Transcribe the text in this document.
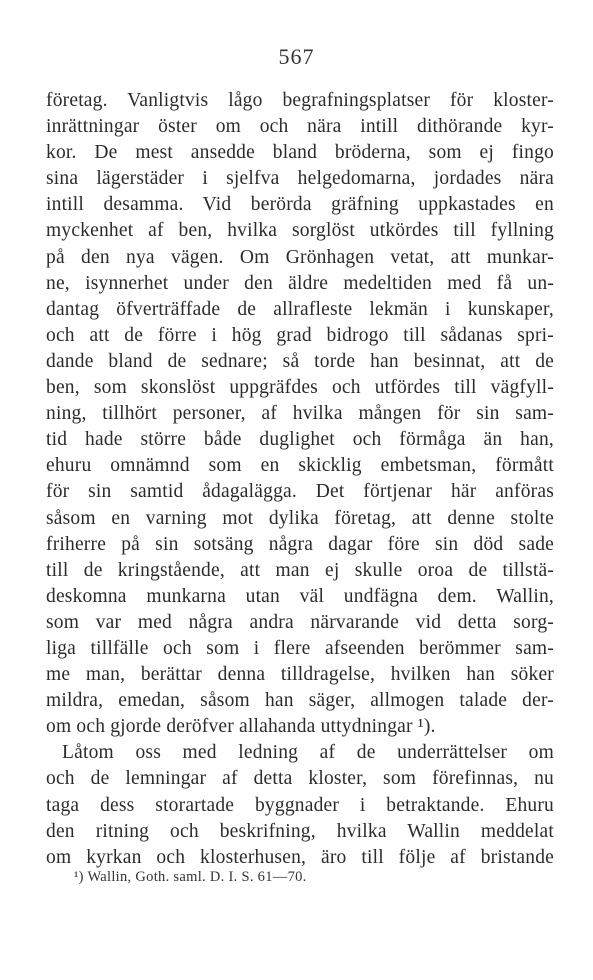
567
företag. Vanligtvis lågo begrafningsplatser för kloster-
inrättningar öster om och nära intill dithörande kyr-
kor. De mest ansedde bland bröderna, som ej fingo
sina lägerstäder i sjelfva helgedomarna, jordades nära
intill desamma. Vid berörda gräfning uppkastades en
myckenhet af ben, hvilka sorglöst utkördes till fyllning
på den nya vägen. Om Grönhagen vetat, att munkar-
ne, isynnerhet under den äldre medeltiden med få un-
dantag öfverträffade de allrafleste lekmän i kunskaper,
och att de förre i hög grad bidrogo till sådanas spri-
dande bland de sednare; så torde han besinnat, att de
ben, som skonslöst uppgräfdes och utfördes till vägfyll-
ning, tillhört personer, af hvilka mången för sin sam-
tid hade större både duglighet och förmåga än han,
ehuru omnämnd som en skicklig embetsman, förmått
för sin samtid ådagalägga. Det förtjenar här anföras
såsom en varning mot dylika företag, att denne stolte
friherre på sin sotsäng några dagar före sin död sade
till de kringstående, att man ej skulle oroa de tillstä-
deskomna munkarna utan väl undfägna dem. Wallin,
som var med några andra närvarande vid detta sorg-
liga tillfälle och som i flere afseenden berömmer sam-
me man, berättar denna tilldragelse, hvilken han söker
mildra, emedan, såsom han säger, allmogen talade der-
om och gjorde deröfver allahanda uttydningar ¹).
Låtom oss med ledning af de underrättelser om
och de lemningar af detta kloster, som förefinnas, nu
taga dess storartade byggnader i betraktande. Ehuru
den ritning och beskrifning, hvilka Wallin meddelat
om kyrkan och klosterhusen, äro till följe af bristande
¹) Wallin, Goth. saml. D. I. S. 61—70.
